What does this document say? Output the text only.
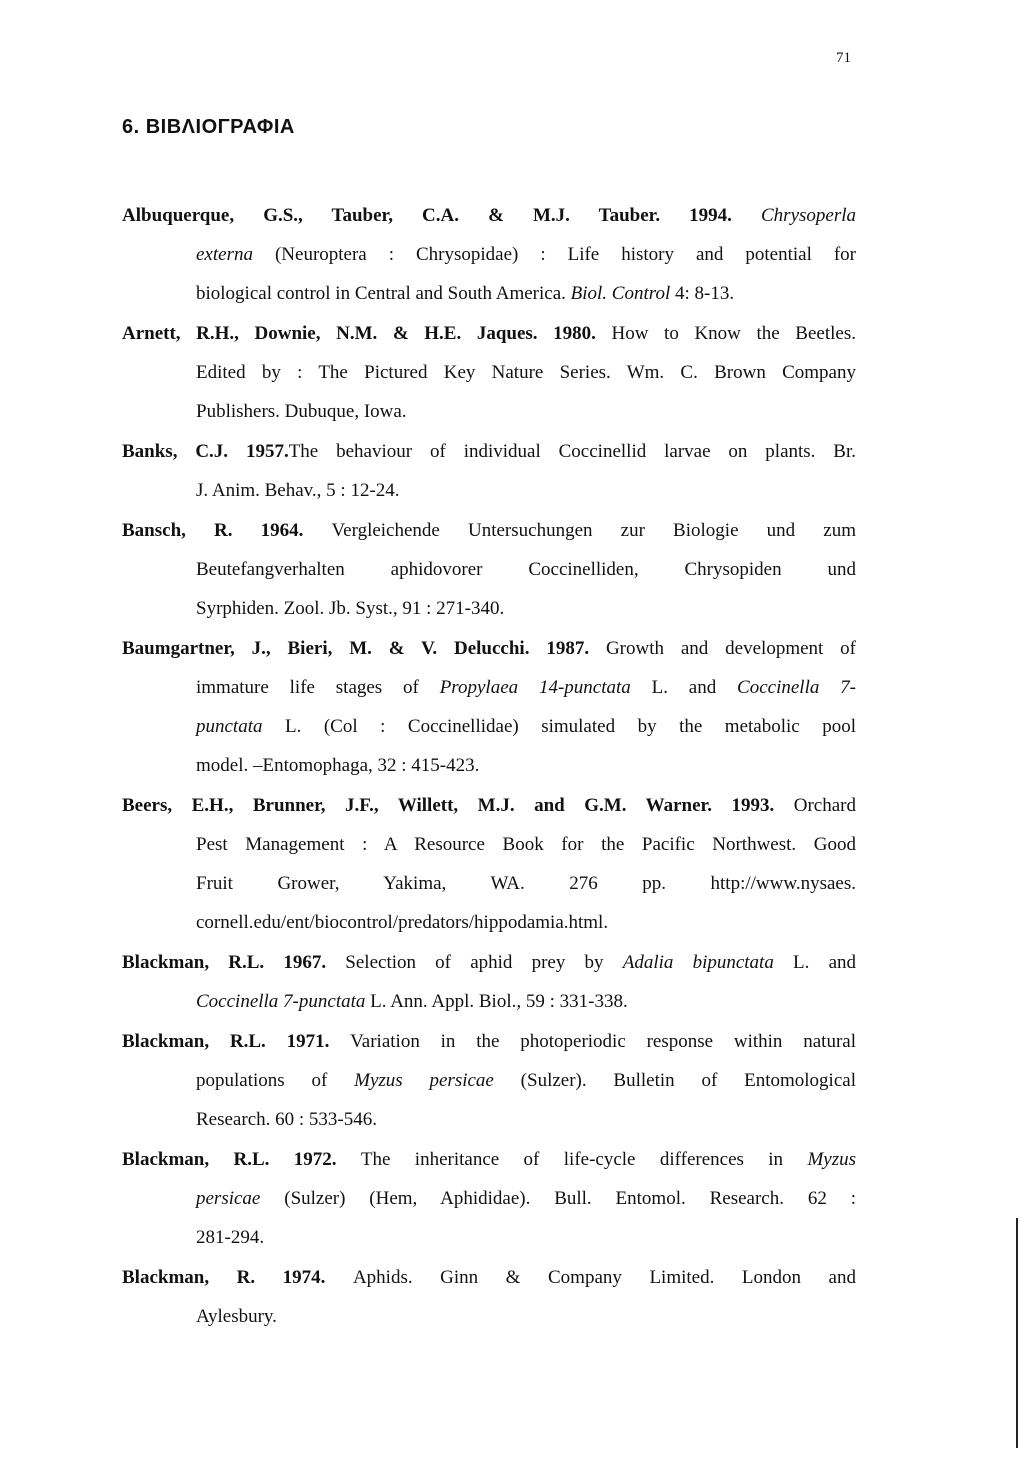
71
6. ΒΙΒΛΙΟΓΡΑΦΙΑ
Albuquerque, G.S., Tauber, C.A. & M.J. Tauber. 1994. Chrysoperla
externa (Neuroptera : Chrysopidae) : Life history and potential for
biological control in Central and South America. Biol. Control 4: 8-13.
Arnett, R.H., Downie, N.M. & H.E. Jaques. 1980. How to Know the Beetles.
Edited by : The Pictured Key Nature Series. Wm. C. Brown Company
Publishers. Dubuque, Iowa.
Banks, C.J. 1957.The behaviour of individual Coccinellid larvae on plants. Br.
J. Anim. Behav., 5 : 12-24.
Bansch, R. 1964. Vergleichende Untersuchungen zur Biologie und zum
Beutefangverhalten aphidovorer Coccinelliden, Chrysopiden und
Syrphiden. Zool. Jb. Syst., 91 : 271-340.
Baumgartner, J., Bieri, M. & V. Delucchi. 1987. Growth and development of
immature life stages of Propylaea 14-punctata L. and Coccinella 7-
punctata L. (Col : Coccinellidae) simulated by the metabolic pool
model. –Entomophaga, 32 : 415-423.
Beers, E.H., Brunner, J.F., Willett, M.J. and G.M. Warner. 1993. Orchard
Pest Management : A Resource Book for the Pacific Northwest. Good
Fruit Grower, Yakima, WA. 276 pp. http://www.nysaes.
cornell.edu/ent/biocontrol/predators/hippodamia.html.
Blackman, R.L. 1967. Selection of aphid prey by Adalia bipunctata L. and
Coccinella 7-punctata L. Ann. Appl. Biol., 59 : 331-338.
Blackman, R.L. 1971. Variation in the photoperiodic response within natural
populations of Myzus persicae (Sulzer). Bulletin of Entomological
Research. 60 : 533-546.
Blackman, R.L. 1972. The inheritance of life-cycle differences in Myzus
persicae (Sulzer) (Hem, Aphididae). Bull. Entomol. Research. 62 :
281-294.
Blackman, R. 1974. Aphids. Ginn & Company Limited. London and
Aylesbury.
